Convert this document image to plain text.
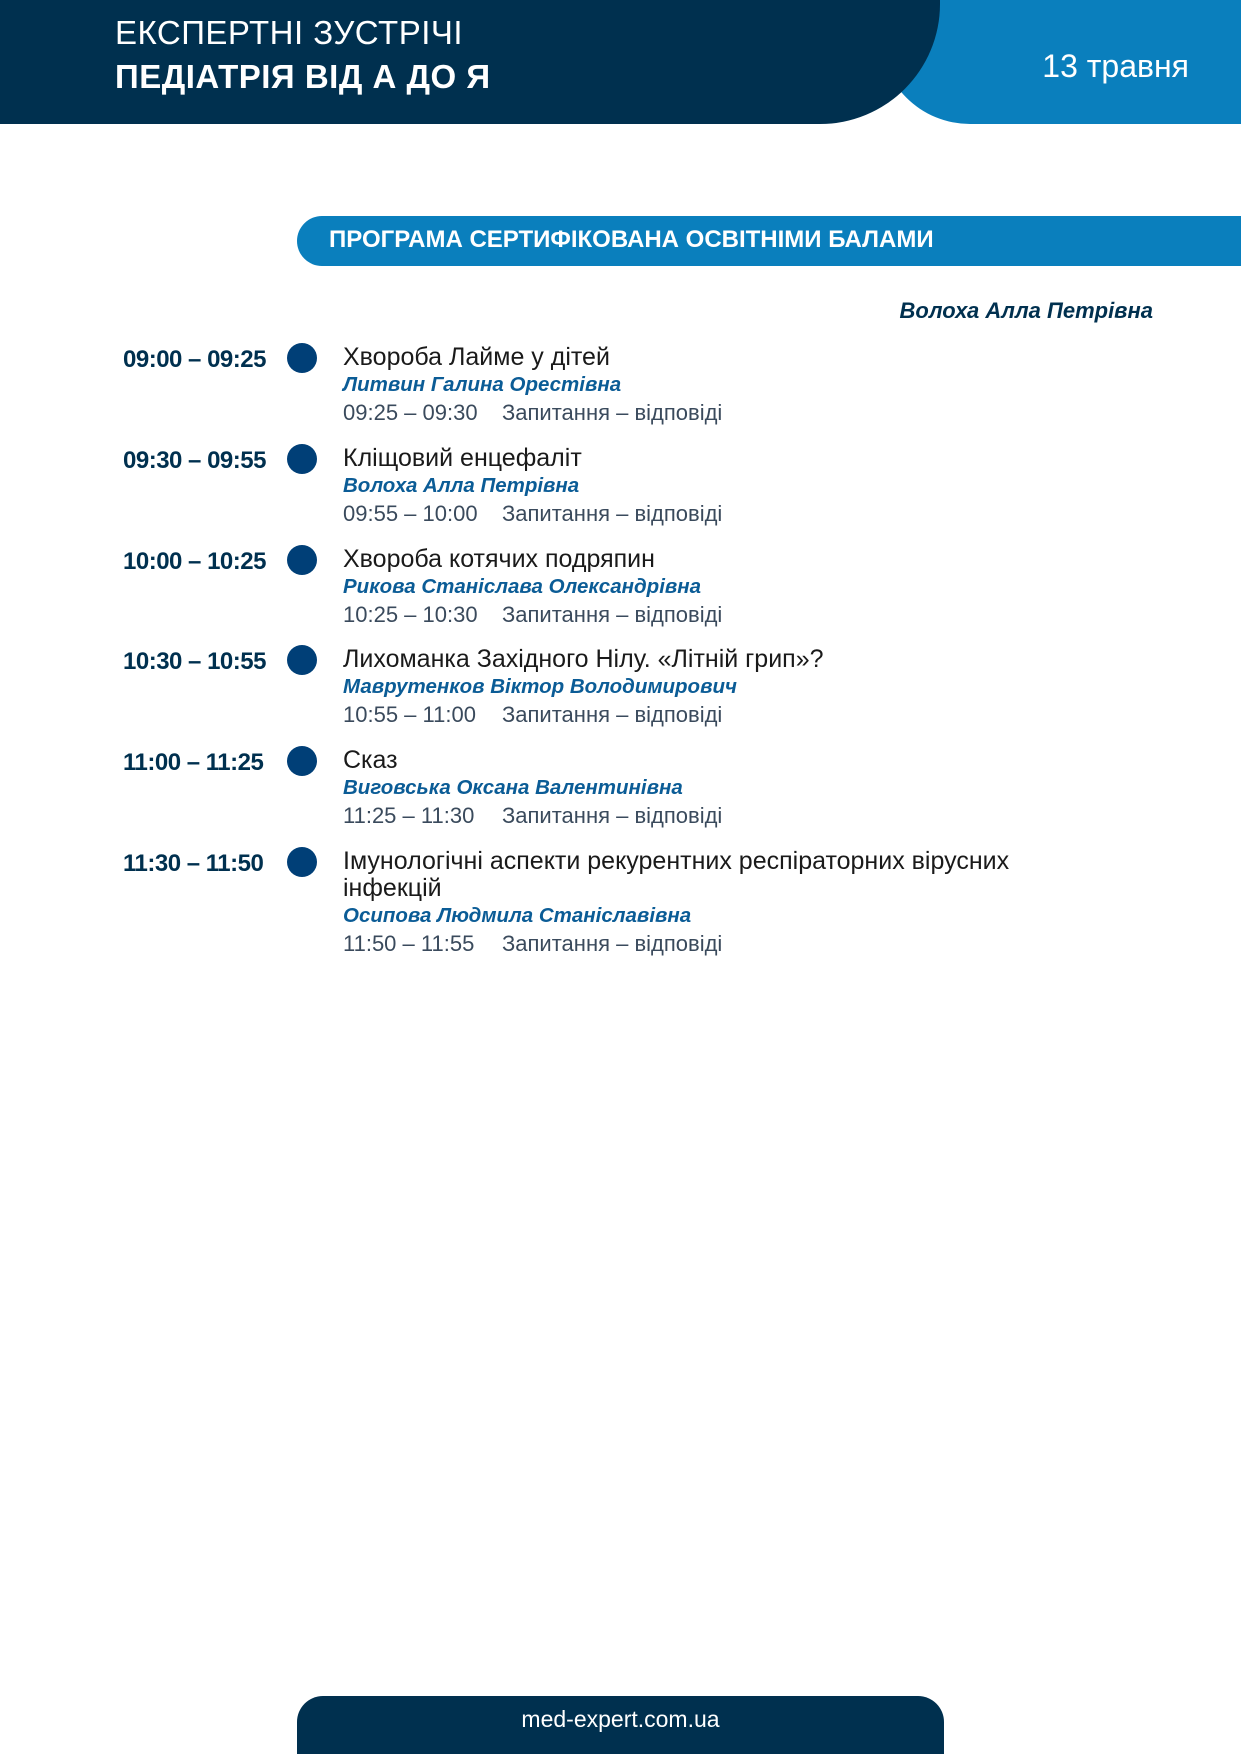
ЕКСПЕРТНІ ЗУСТРІЧІ
ПЕДІАТРІЯ ВІД А ДО Я	13 травня
ПРОГРАМА СЕРТИФІКОВАНА ОСВІТНІМИ БАЛАМИ
Волоха Алла Петрівна
09:00 – 09:25	Хвороба Лайме у дітей
Литвин Галина Орестівна
09:25 – 09:30 Запитання – відповіді
09:30 – 09:55	Кліщовий енцефаліт
Волоха Алла Петрівна
09:55 – 10:00 Запитання – відповіді
10:00 – 10:25	Хвороба котячих подряпин
Рикова Станіслава Олександрівна
10:25 – 10:30 Запитання – відповіді
10:30 – 10:55	Лихоманка Західного Нілу. «Літній грип»?
Маврутенков Віктор Володимирович
10:55 – 11:00 Запитання – відповіді
11:00 – 11:25	Сказ
Виговська Оксана Валентинівна
11:25 – 11:30 Запитання – відповіді
11:30 – 11:50	Імунологічні аспекти рекурентних респіраторних вірусних інфекцій
Осипова Людмила Станіславівна
11:50 – 11:55 Запитання – відповіді
med-expert.com.ua
